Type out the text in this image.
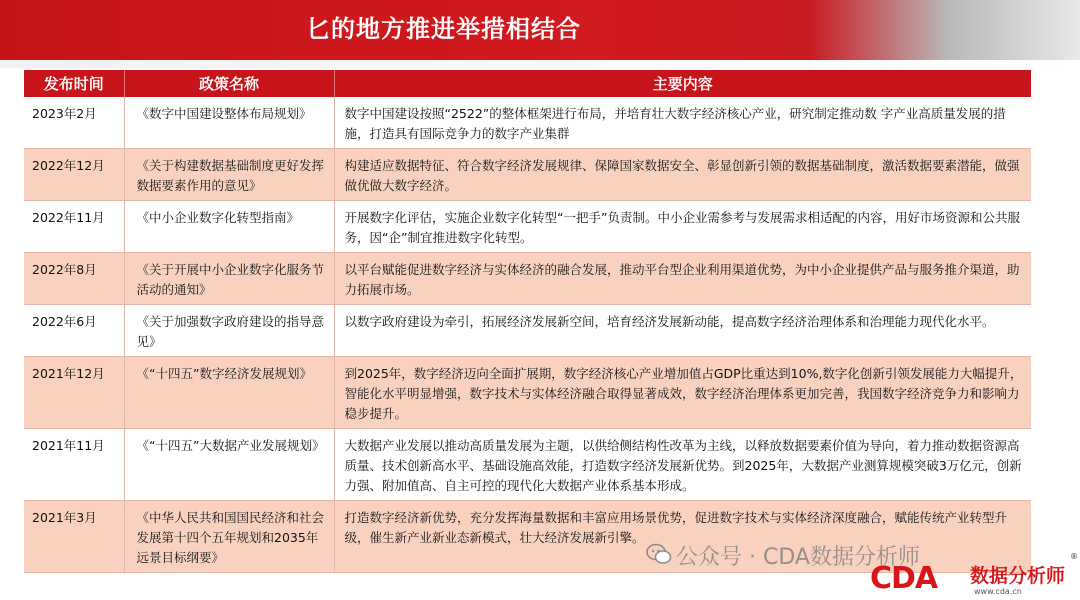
匕的地方推进举措相结合
发布时间	政策名称	主要内容
2023年2月	《数字中国建设整体布局规划》	数字中国建设按照“2522”的整体框架进行布局，并培育壮大数字经济核心产业，研究制定推动数 字产业高质量发展的措施，打造具有国际竞争力的数字产业集群
2022年12月	《关于构建数据基础制度更好发挥数据要素作用的意见》	构建适应数据特征、符合数字经济发展规律、保障国家数据安全、彰显创新引领的数据基础制度，激活数据要素潜能，做强做优做大数字经济。
2022年11月	《中小企业数字化转型指南》	开展数字化评估，实施企业数字化转型“一把手”负责制。中小企业需参考与发展需求相适配的内容，用好市场资源和公共服务，因“企”制宜推进数字化转型。
2022年8月	《关于开展中小企业数字化服务节活动的通知》	以平台赋能促进数字经济与实体经济的融合发展，推动平台型企业利用渠道优势，为中小企业提供产品与服务推介渠道，助力拓展市场。
2022年6月	《关于加强数字政府建设的指导意见》	以数字政府建设为牵引，拓展经济发展新空间，培育经济发展新动能，提高数字经济治理体系和治理能力现代化水平。
2021年12月	《“十四五”数字经济发展规划》	到2025年，数字经济迈向全面扩展期，数字经济核心产业增加值占GDP比重达到10%,数字化创新引领发展能力大幅提升，智能化水平明显增强，数字技术与实体经济融合取得显著成效，数字经济治理体系更加完善，我国数字经济竞争力和影响力稳步提升。
2021年11月	《“十四五”大数据产业发展规划》	大数据产业发展以推动高质量发展为主题，以供给侧结构性改革为主线，以释放数据要素价值为导向，着力推动数据资源高质量、技术创新高水平、基础设施高效能，打造数字经济发展新优势。到2025年，大数据产业测算规模突破3万亿元，创新力强、附加值高、自主可控的现代化大数据产业体系基本形成。
2021年3月	《中华人民共和国国民经济和社会发展第十四个五年规划和2035年远景目标纲要》	打造数字经济新优势，充分发挥海量数据和丰富应用场景优势，促进数字技术与实体经济深度融合，赋能传统产业转型升级，催生新产业新业态新模式，壮大经济发展新引擎。
公众号 · CDA数据分析师
CDA 数据分析师
www.cda.cn
®
